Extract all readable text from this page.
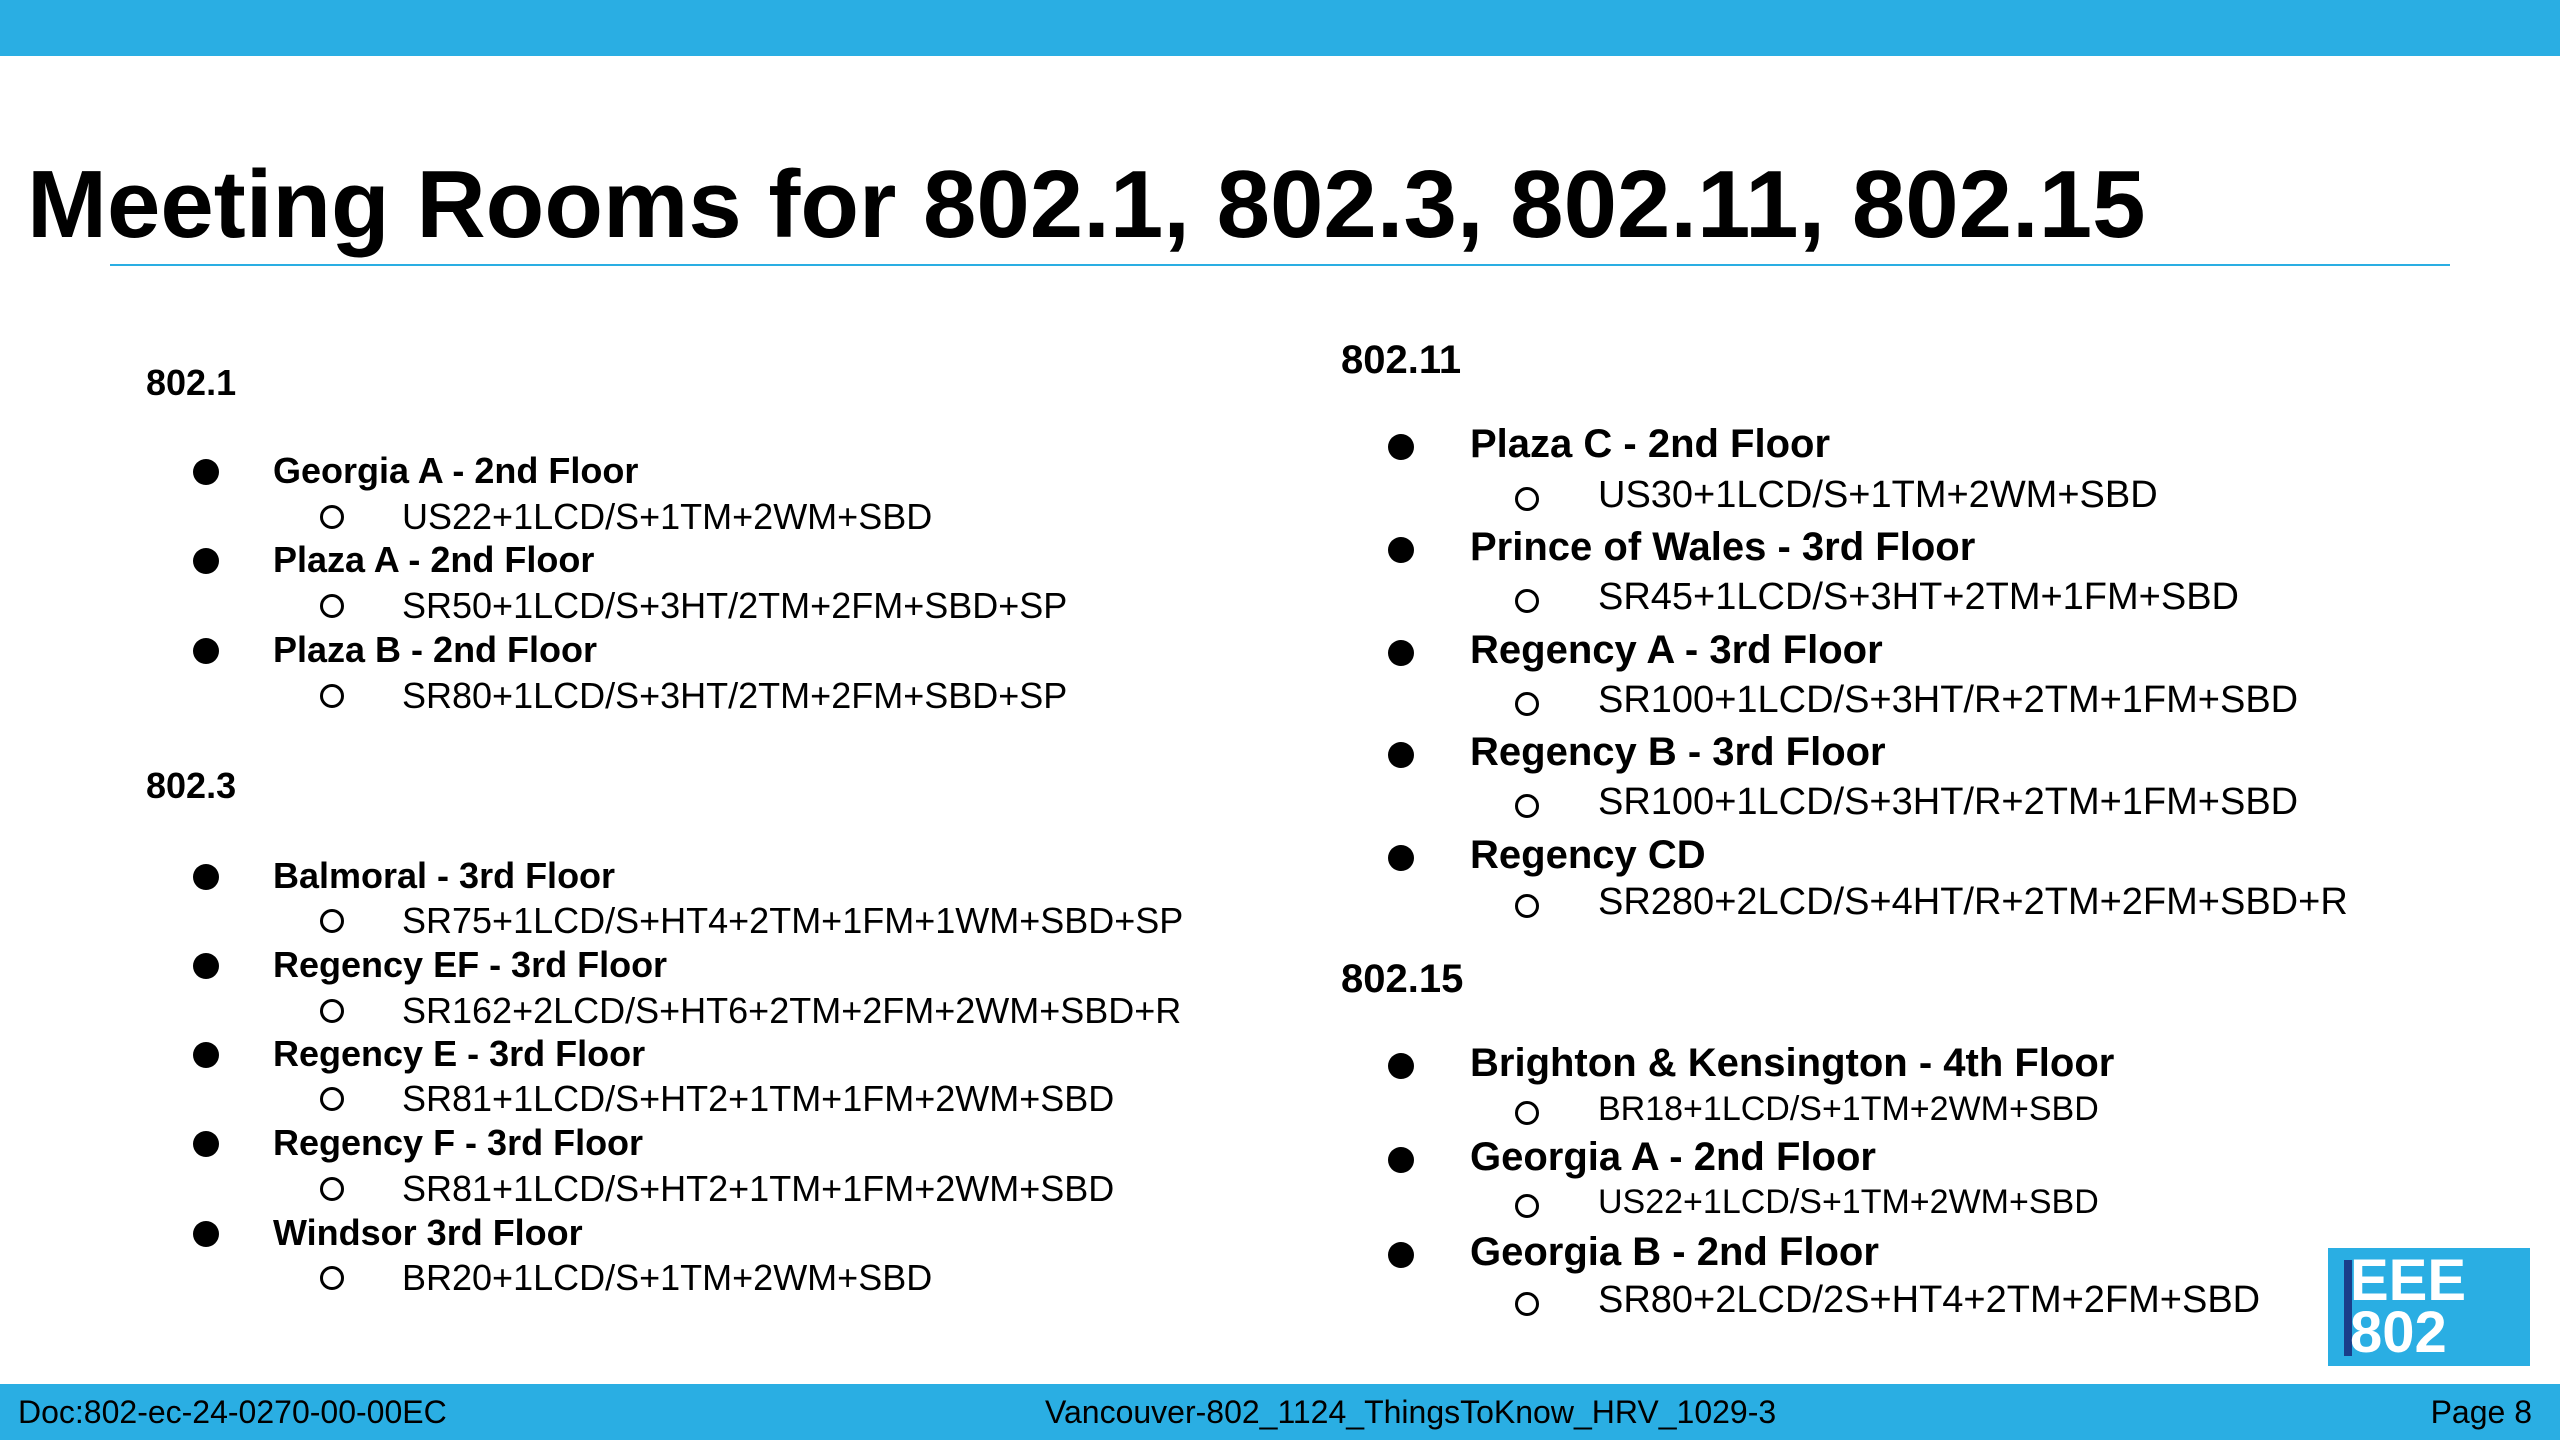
Meeting Rooms for 802.1, 802.3, 802.11, 802.15
802.1
Georgia A - 2nd Floor
US22+1LCD/S+1TM+2WM+SBD
Plaza A - 2nd Floor
SR50+1LCD/S+3HT/2TM+2FM+SBD+SP
Plaza B - 2nd Floor
SR80+1LCD/S+3HT/2TM+2FM+SBD+SP
802.3
Balmoral - 3rd Floor
SR75+1LCD/S+HT4+2TM+1FM+1WM+SBD+SP
Regency EF - 3rd Floor
SR162+2LCD/S+HT6+2TM+2FM+2WM+SBD+R
Regency E - 3rd Floor
SR81+1LCD/S+HT2+1TM+1FM+2WM+SBD
Regency F - 3rd Floor
SR81+1LCD/S+HT2+1TM+1FM+2WM+SBD
Windsor 3rd Floor
BR20+1LCD/S+1TM+2WM+SBD
802.11
Plaza C - 2nd Floor
US30+1LCD/S+1TM+2WM+SBD
Prince of Wales - 3rd Floor
SR45+1LCD/S+3HT+2TM+1FM+SBD
Regency A - 3rd Floor
SR100+1LCD/S+3HT/R+2TM+1FM+SBD
Regency B - 3rd Floor
SR100+1LCD/S+3HT/R+2TM+1FM+SBD
Regency CD
SR280+2LCD/S+4HT/R+2TM+2FM+SBD+R
802.15
Brighton & Kensington - 4th Floor
BR18+1LCD/S+1TM+2WM+SBD
Georgia A - 2nd Floor
US22+1LCD/S+1TM+2WM+SBD
Georgia B - 2nd Floor
SR80+2LCD/2S+HT4+2TM+2FM+SBD EEE
802
Doc:802-ec-24-0270-00-00EC	Vancouver-802_1124_ThingsToKnow_HRV_1029-3	Page 8
